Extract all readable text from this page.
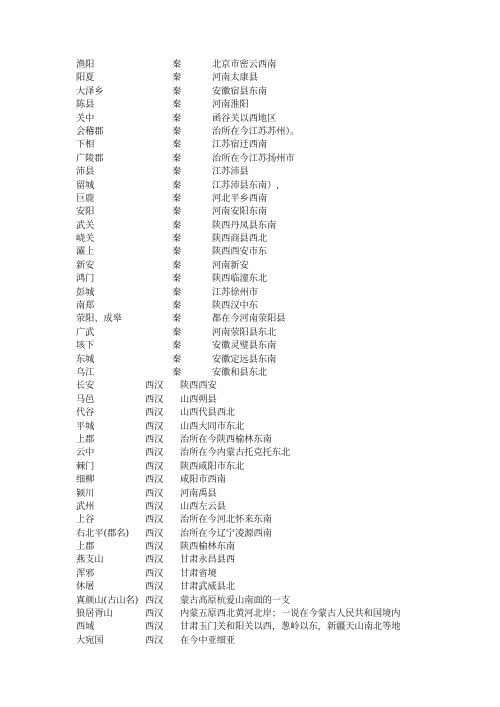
渔阳	秦	北京市密云西南
阳夏	秦	河南太康县
大泽乡	秦	安徽宿县东南
陈县	秦	河南淮阳
关中	秦	函谷关以西地区
会稽郡	秦	治所在今江苏苏州）。
下相	秦	江苏宿迁西南
广陵郡	秦	治所在今江苏扬州市
沛县	秦	江苏沛县
留城	秦	江苏沛县东南）,
巨鹿	秦	河北平乡西南
安阳	秦	河南安阳东南
武关	秦	陕西丹凤县东南
峣关	秦	陕西商县西北
灞上	秦	陕西西安市东
新安	秦	河南新安
鸿门	秦	陕西临潼东北
彭城	秦	江苏徐州市
南郑	秦	陕西汉中东
荥阳、成皋	秦	都在今河南荥阳县
广武	秦	河南荥阳县东北
垓下	秦	安徽灵璧县东南
东城	秦	安徽定远县东南
乌江	秦	安徽和县东北
长安	西汉 陕西西安
马邑	西汉 山西朔县
代谷	西汉 山西代县西北
平城	西汉 山西大同市东北
上郡	西汉 治所在今陕西榆林东南
云中	西汉 治所在今内蒙古托克托东北
棘门	西汉 陕西咸阳市东北
细柳	西汉 咸阳市西南
颍川	西汉 河南禹县
武州	西汉 山西左云县
上谷	西汉 治所在今河北怀来东南
右北平(郡名) 西汉 治所在今辽宁凌源西南
上郡	西汉 陕西榆林东南
燕支山	西汉 甘肃永昌县西
浑邪	西汉 甘肃省境
休屠	西汉 甘肃武威县北
寘颜山(古山名) 西汉 蒙古高原杭爱山南面的一支
狼居胥山	西汉 内蒙五原西北黄河北岸；一说在今蒙古人民共和国境内
西域	西汉 甘肃玉门关和阳关以西，葱岭以东，新疆天山南北等地
大宛国	西汉 在今中亚细亚
